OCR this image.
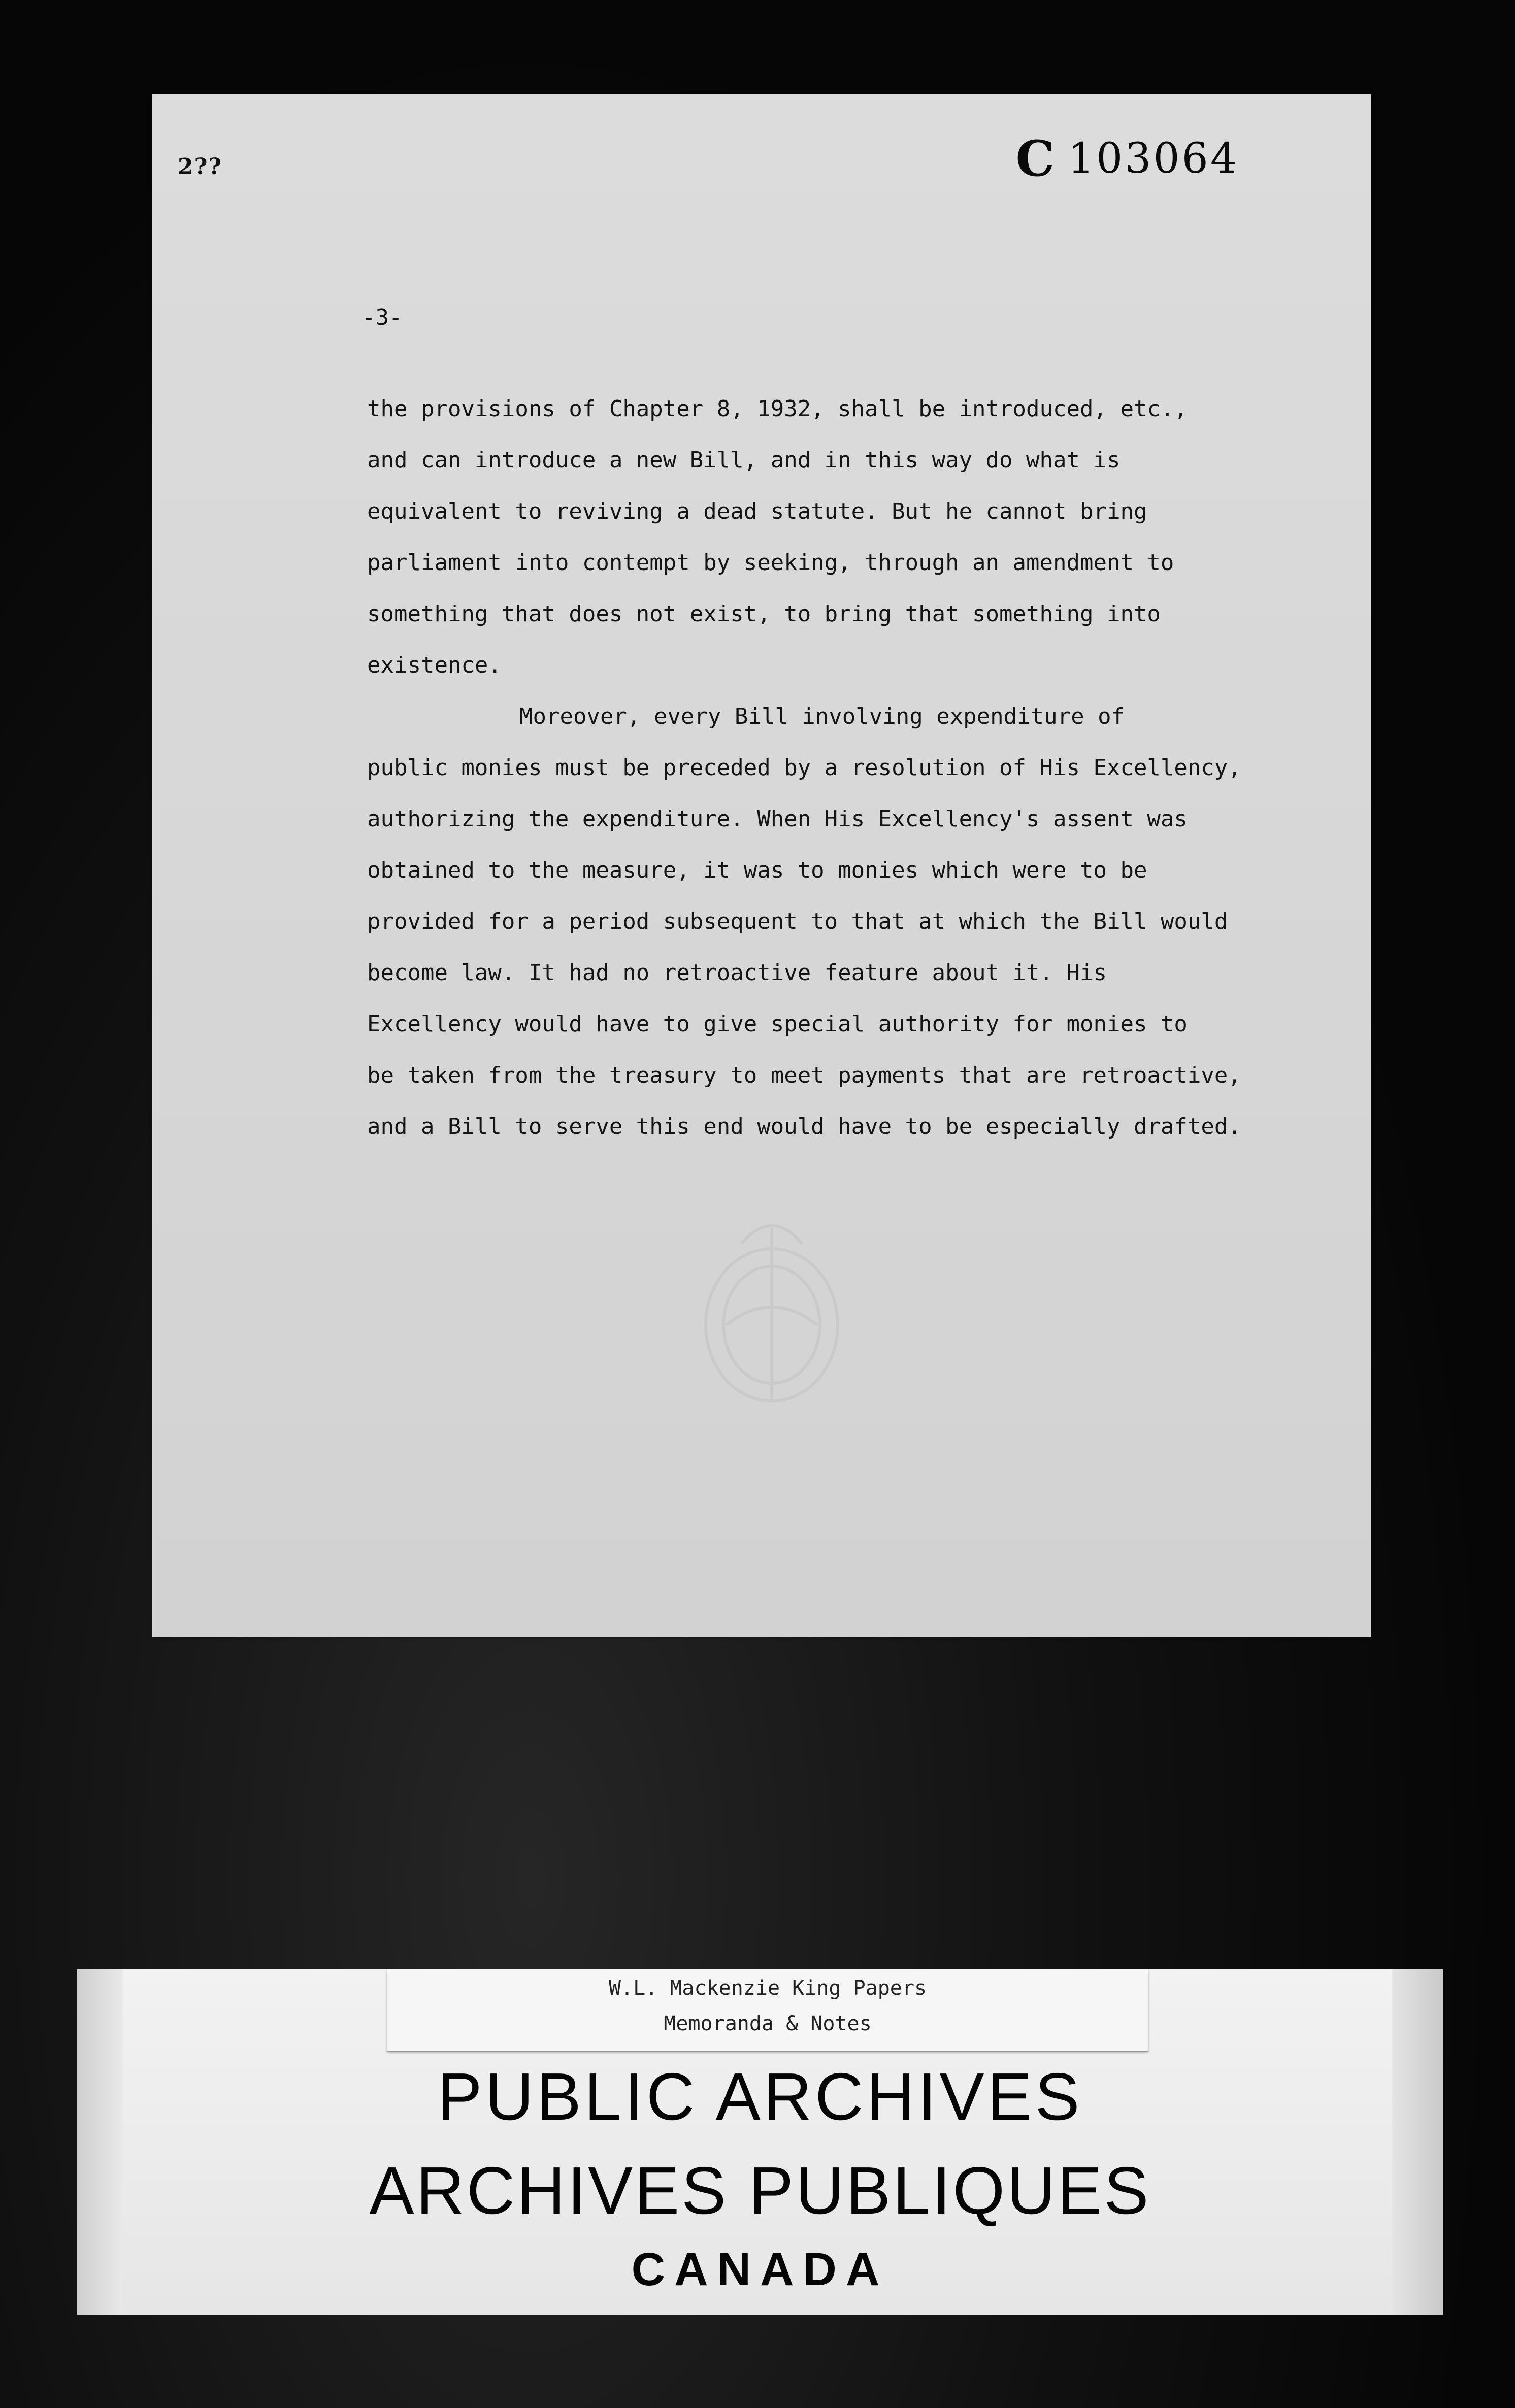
2??	C 103064
-3-
the provisions of Chapter 8, 1932, shall be introduced, etc.,
and can introduce a new Bill, and in this way do what is
equivalent to reviving a dead statute. But he cannot bring
parliament into contempt by seeking, through an amendment to
something that does not exist, to bring that something into
existence.
Moreover, every Bill involving expenditure of
public monies must be preceded by a resolution of His Excellency,
authorizing the expenditure. When His Excellency's assent was
obtained to the measure, it was to monies which were to be
provided for a period subsequent to that at which the Bill would
become law. It had no retroactive feature about it. His
Excellency would have to give special authority for monies to
be taken from the treasury to meet payments that are retroactive,
and a Bill to serve this end would have to be especially drafted.
W.L. Mackenzie King Papers
Memoranda & Notes
PUBLIC ARCHIVES
ARCHIVES PUBLIQUES
CANADA
